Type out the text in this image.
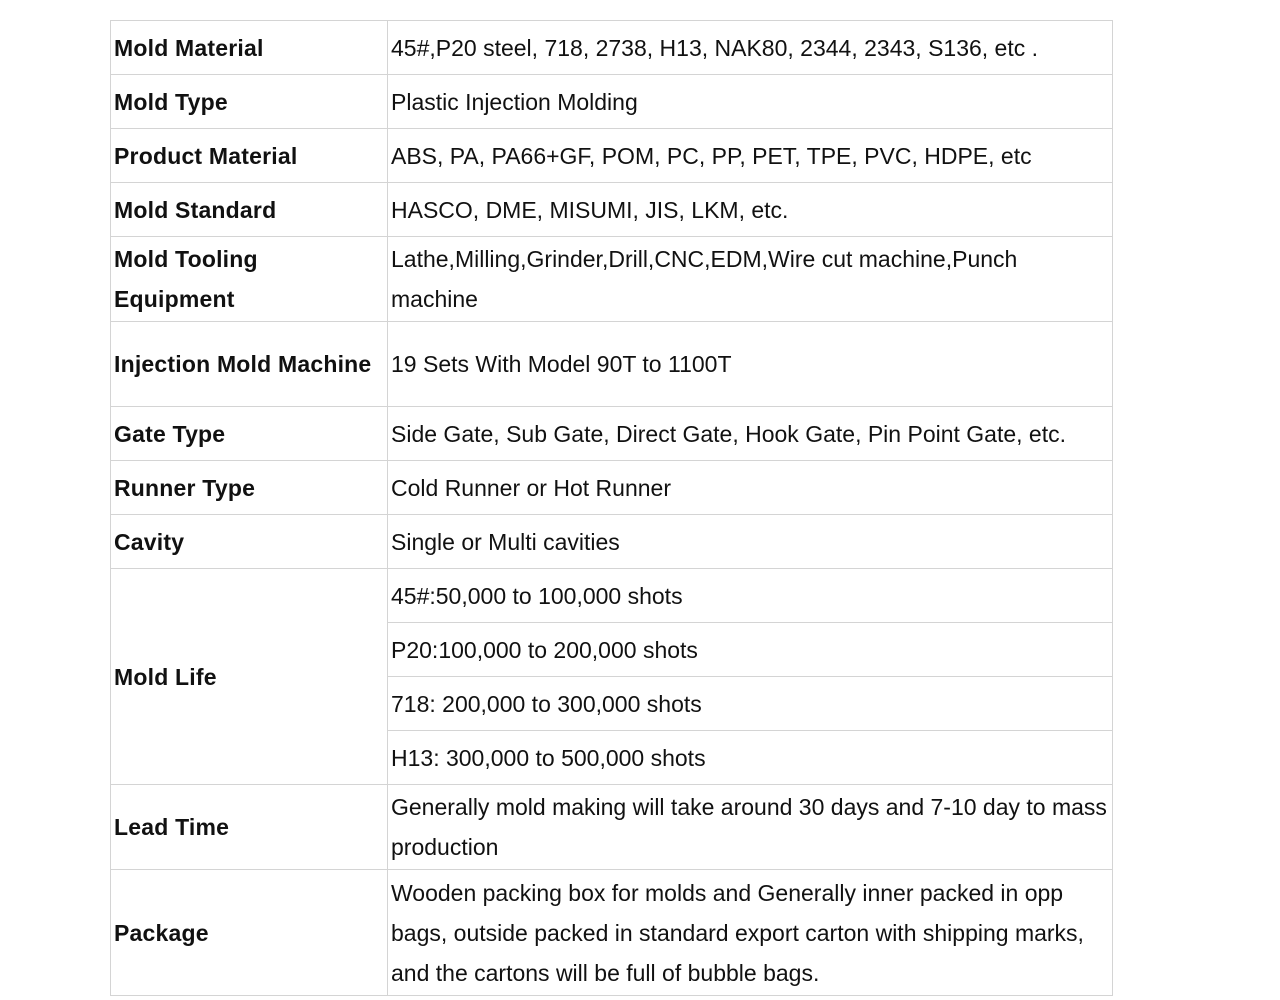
Mold Material	45#,P20 steel, 718, 2738, H13, NAK80, 2344, 2343, S136, etc .
Mold Type	Plastic Injection Molding
Product Material	ABS, PA, PA66+GF, POM, PC, PP, PET, TPE, PVC, HDPE, etc
Mold Standard	HASCO, DME, MISUMI, JIS, LKM, etc.
Mold Tooling Equipment	Lathe,Milling,Grinder,Drill,CNC,EDM,Wire cut machine,Punch machine
Injection Mold Machine	19 Sets With Model 90T to 1100T
Gate Type	Side Gate, Sub Gate, Direct Gate, Hook Gate, Pin Point Gate, etc.
Runner Type	Cold Runner or Hot Runner
Cavity	Single or Multi cavities
Mold Life	45#:50,000 to 100,000 shots
	P20:100,000 to 200,000 shots
	718: 200,000 to 300,000 shots
	H13: 300,000 to 500,000 shots
Lead Time	Generally mold making will take around 30 days and 7-10 day to mass production
Package	Wooden packing box for molds and Generally inner packed in opp bags, outside packed in standard export carton with shipping marks, and the cartons will be full of bubble bags.
